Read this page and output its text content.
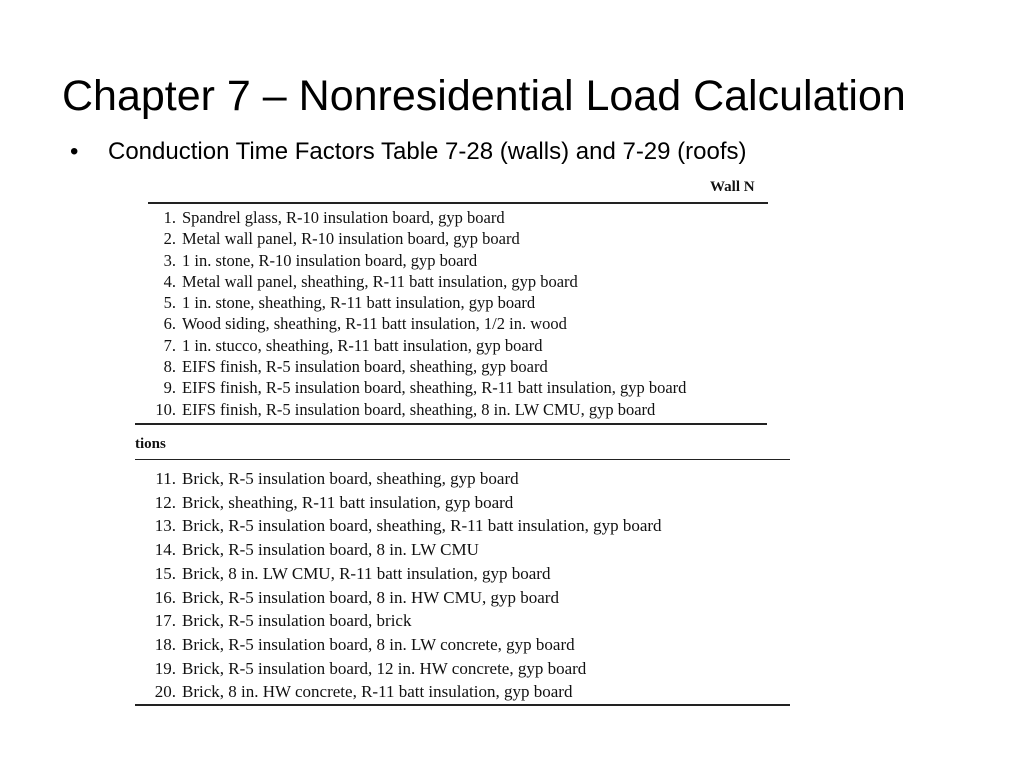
Chapter 7 – Nonresidential Load Calculation
• Conduction Time Factors Table 7-28 (walls) and 7-29 (roofs)
Wall N
1. Spandrel glass, R-10 insulation board, gyp board
2. Metal wall panel, R-10 insulation board, gyp board
3. 1 in. stone, R-10 insulation board, gyp board
4. Metal wall panel, sheathing, R-11 batt insulation, gyp board
5. 1 in. stone, sheathing, R-11 batt insulation, gyp board
6. Wood siding, sheathing, R-11 batt insulation, 1/2 in. wood
7. 1 in. stucco, sheathing, R-11 batt insulation, gyp board
8. EIFS finish, R-5 insulation board, sheathing, gyp board
9. EIFS finish, R-5 insulation board, sheathing, R-11 batt insulation, gyp board
10. EIFS finish, R-5 insulation board, sheathing, 8 in. LW CMU, gyp board
tions
11. Brick, R-5 insulation board, sheathing, gyp board
12. Brick, sheathing, R-11 batt insulation, gyp board
13. Brick, R-5 insulation board, sheathing, R-11 batt insulation, gyp board
14. Brick, R-5 insulation board, 8 in. LW CMU
15. Brick, 8 in. LW CMU, R-11 batt insulation, gyp board
16. Brick, R-5 insulation board, 8 in. HW CMU, gyp board
17. Brick, R-5 insulation board, brick
18. Brick, R-5 insulation board, 8 in. LW concrete, gyp board
19. Brick, R-5 insulation board, 12 in. HW concrete, gyp board
20. Brick, 8 in. HW concrete, R-11 batt insulation, gyp board
